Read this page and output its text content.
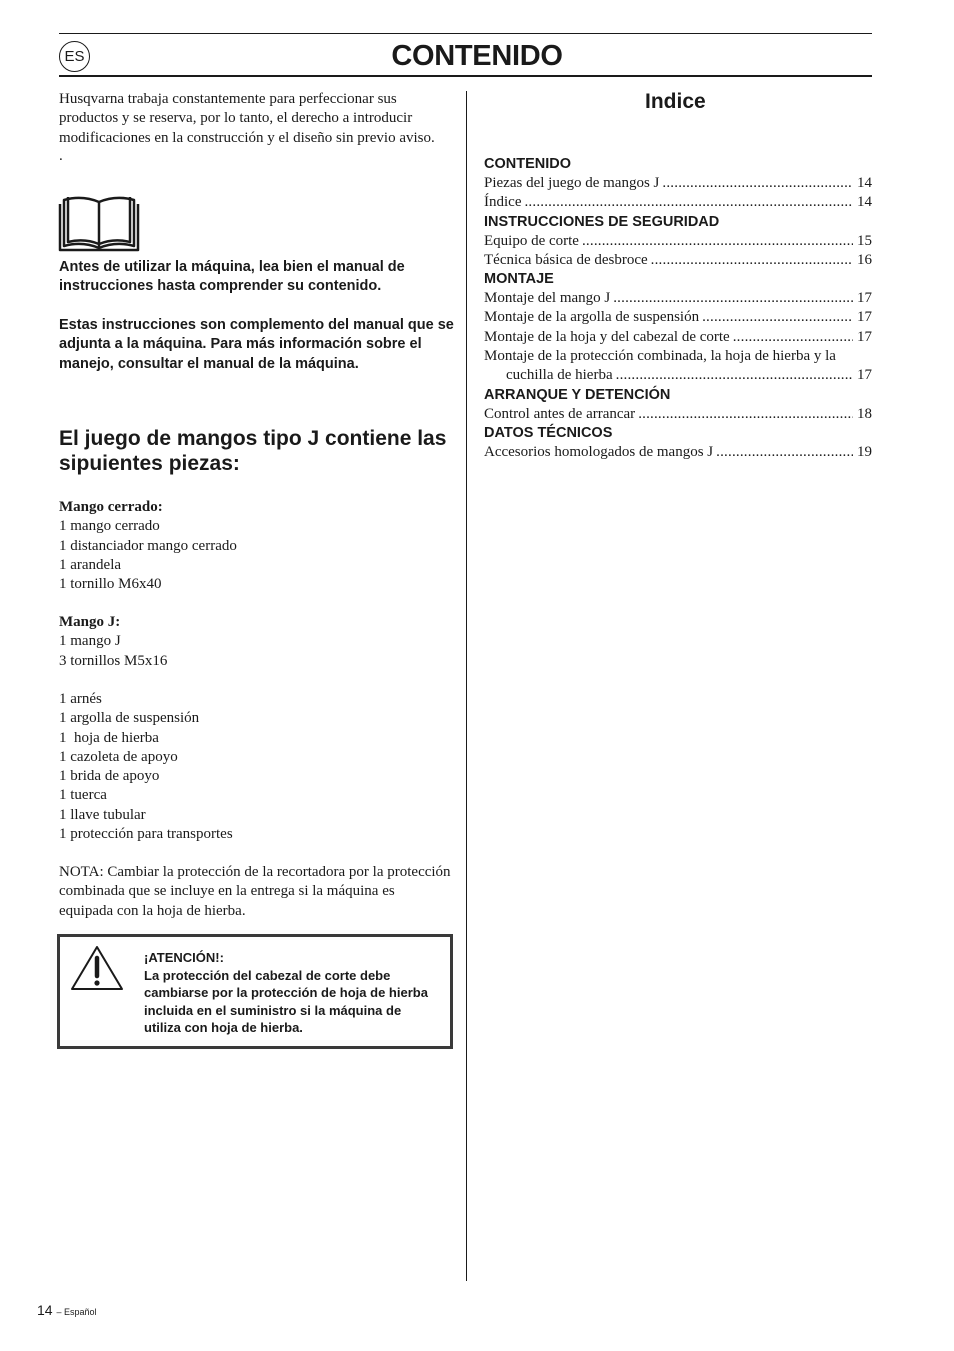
ES	CONTENIDO
Husqvarna trabaja constantemente para perfeccionar sus productos y se reserva, por lo tanto, el derecho a introducir modificaciones en la construcción y el diseño sin previo aviso.
.
Antes de utilizar la máquina, lea bien el manual de instrucciones hasta comprender su contenido.
Estas instrucciones son complemento del manual que se adjunta a la máquina. Para más información sobre el manejo, consultar el manual de la máquina.
El juego de mangos tipo J contiene las sipuientes piezas:
Mango cerrado:
1 mango cerrado
1 distanciador mango cerrado
1 arandela
1 tornillo M6x40
Mango J:
1 mango J
3 tornillos M5x16
1 arnés
1 argolla de suspensión
1  hoja de hierba
1 cazoleta de apoyo
1 brida de apoyo
1 tuerca
1 llave tubular
1 protección para transportes
NOTA: Cambiar la protección de la recortadora por la protección combinada que se incluye en la entrega si la máquina es equipada con la hoja de hierba.
¡ATENCIÓN!:
La protección del cabezal de corte debe cambiarse por la protección de hoja de hierba incluida en el suministro si la máquina de utiliza con hoja de hierba.
Indice
CONTENIDO
Piezas del juego de mangos J .....	14
Índice .....	14
INSTRUCCIONES DE SEGURIDAD
Equipo de corte .....	15
Técnica básica de desbroce .....	16
MONTAJE
Montaje del mango J .....	17
Montaje de la argolla de suspensión .....	17
Montaje de la hoja y del cabezal de corte .....	17
Montaje de la protección combinada, la hoja de hierba y la
cuchilla de hierba .....	17
ARRANQUE Y DETENCIÓN
Control antes de arrancar .....	18
DATOS TÉCNICOS
Accesorios homologados de mangos J .....	19
14 – Español
